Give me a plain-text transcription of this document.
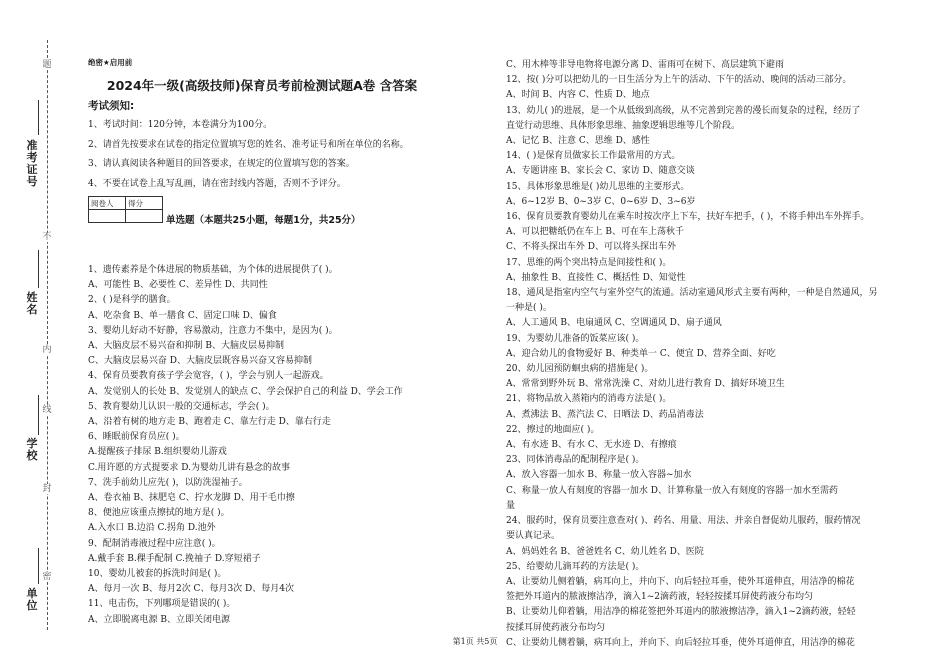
准考证号
姓名
学校
单位
题
不
内
线
封
密
绝密★启用前
2024年一级(高级技师)保育员考前检测试题A卷 含答案
考试须知:
1、考试时间：120分钟，本卷满分为100分。
2、请首先按要求在试卷的指定位置填写您的姓名、准考证号和所在单位的名称。
3、请认真阅读各种题目的回答要求，在规定的位置填写您的答案。
4、不要在试卷上乱写乱画，请在密封线内答题，否则不予评分。
阅卷人	得分

单选题（本题共25小题，每题1分，共25分）
1、遗传素养是个体进展的物质基础，为个体的进展提供了( )。
A、可能性 B、必要性 C、差异性 D、共同性
2、( )是科学的膳食。
A、吃杂食 B、单一膳食 C、固定口味 D、偏食
3、婴幼儿好动不好静，容易激动，注意力不集中，是因为( )。
A、大脑皮层不易兴奋和抑制 B、大脑皮层易抑制
C、大脑皮层易兴奋 D、大脑皮层既容易兴奋又容易抑制
4、保育员要教育孩子学会宽容，( )，学会与别人一起游戏。
A、发觉别人的长处 B、发觉别人的缺点 C、学会保护自己的利益 D、学会工作
5、教育婴幼儿认识一般的交通标志，学会( )。
A、沿着有树的地方走 B、跑着走 C、靠左行走 D、靠右行走
6、睡眠前保育员应( )。
A.提醒孩子排尿 B.组织婴幼儿游戏
C.用许愿的方式提要求 D.为婴幼儿讲有悬念的故事
7、洗手前幼儿应先( )，以防洗湿袖子。
A、卷衣袖 B、抹肥皂 C、拧水龙脚 D、用干毛巾擦
8、便池应该重点擦拭的地方是( )。
A.入水口 B.边沿 C.拐角 D.池外
9、配制消毒液过程中应注意( )。
A.戴手套 B.稞手配制 C.挽袖子 D.穿短裙子
10、婴幼儿被套的拆洗时间是( )。
A、每月一次 B、每月2次 C、每月3次 D、每月4次
11、电击伤，下列哪项是错误的( )。
A、立即脱离电源 B、立即关闭电源
C、用木棒等非导电物将电源分离 D、雷雨可在树下、高层建筑下避雨
12、按( )分可以把幼儿的一日生活分为上午的活动、下午的活动、晚间的活动三部分。
A、时间 B、内容 C、性质 D、地点
13、幼儿( )的进展，是一个从低级到高级，从不完善到完善的漫长而复杂的过程，经历了
直觉行动思维、具体形象思维、抽象逻辑思维等几个阶段。
A、记忆 B、注意 C、思维 D、感性
14、( )是保育员做家长工作最常用的方式。
A、专题讲座 B、家长会 C、家访 D、随意交谈
15、具体形象思维是( )幼儿思维的主要形式。
A、6~12岁 B、0~3岁 C、0~6岁 D、3~6岁
16、保育员要教育婴幼儿在乘车时按次序上下车，扶好车把手，( )，不将手伸出车外挥手。
A、可以把糖纸仍在车上 B、可在车上荡秋千
C、不将头探出车外 D、可以将头探出车外
17、思维的两个突出特点是间接性和( )。
A、抽象性 B、直接性 C、概括性 D、知觉性
18、通风是指室内空气与室外空气的流通。活动室通风形式主要有两种，一种是自然通风，另
一种是( )。
A、人工通风 B、电扇通风 C、空调通风 D、扇子通风
19、为婴幼儿准备的饭菜应该( )。
A、迎合幼儿的食物爱好 B、种类单一 C、便宜 D、营养全面、好吃
20、幼儿园预防蛔虫病的措施是( )。
A、常常到野外玩 B、常常洗澡 C、对幼儿进行教育 D、搞好环境卫生
21、将物品放入蒸箱内的消毒方法是( )。
A、煮沸法 B、蒸汽法 C、日晒法 D、药品消毒法
22、擦过的地面应( )。
A、有水迹 B、有水 C、无水迹 D、有擦痕
23、同体消毒品的配制程序是( )。
A、放入容器一加水 B、称量一放入容器~加水
C、称量一放人有刻度的容器一加水 D、计算称量一放入有刻度的容器一加水至需药
量
24、服药时，保育员要注意查对( )、药名、用量、用法、并亲自督促幼儿服药，服药情况
要认真记录。
A、妈妈姓名 B、爸爸姓名 C、幼儿姓名 D、医院
25、给婴幼儿滴耳药的方法是( )。
A、让要幼儿侧着躺，病耳向上，并向下、向后轻拉耳垂，使外耳道伸直，用洁净的棉花
签把外耳道内的脓液擦洁净，滴入1~2滴药液，轻轻按揉耳屏使药液分布均匀
B、让要幼儿仰着躺，用洁净的棉花签把外耳道内的脓液擦洁净，滴入1~2滴药液，轻轻
按揉耳屏使药液分布均匀
C、让要幼儿侧着躺，病耳向上，并向下、向后轻拉耳垂，使外耳道伸直，用洁净的棉花
第1页 共5页
